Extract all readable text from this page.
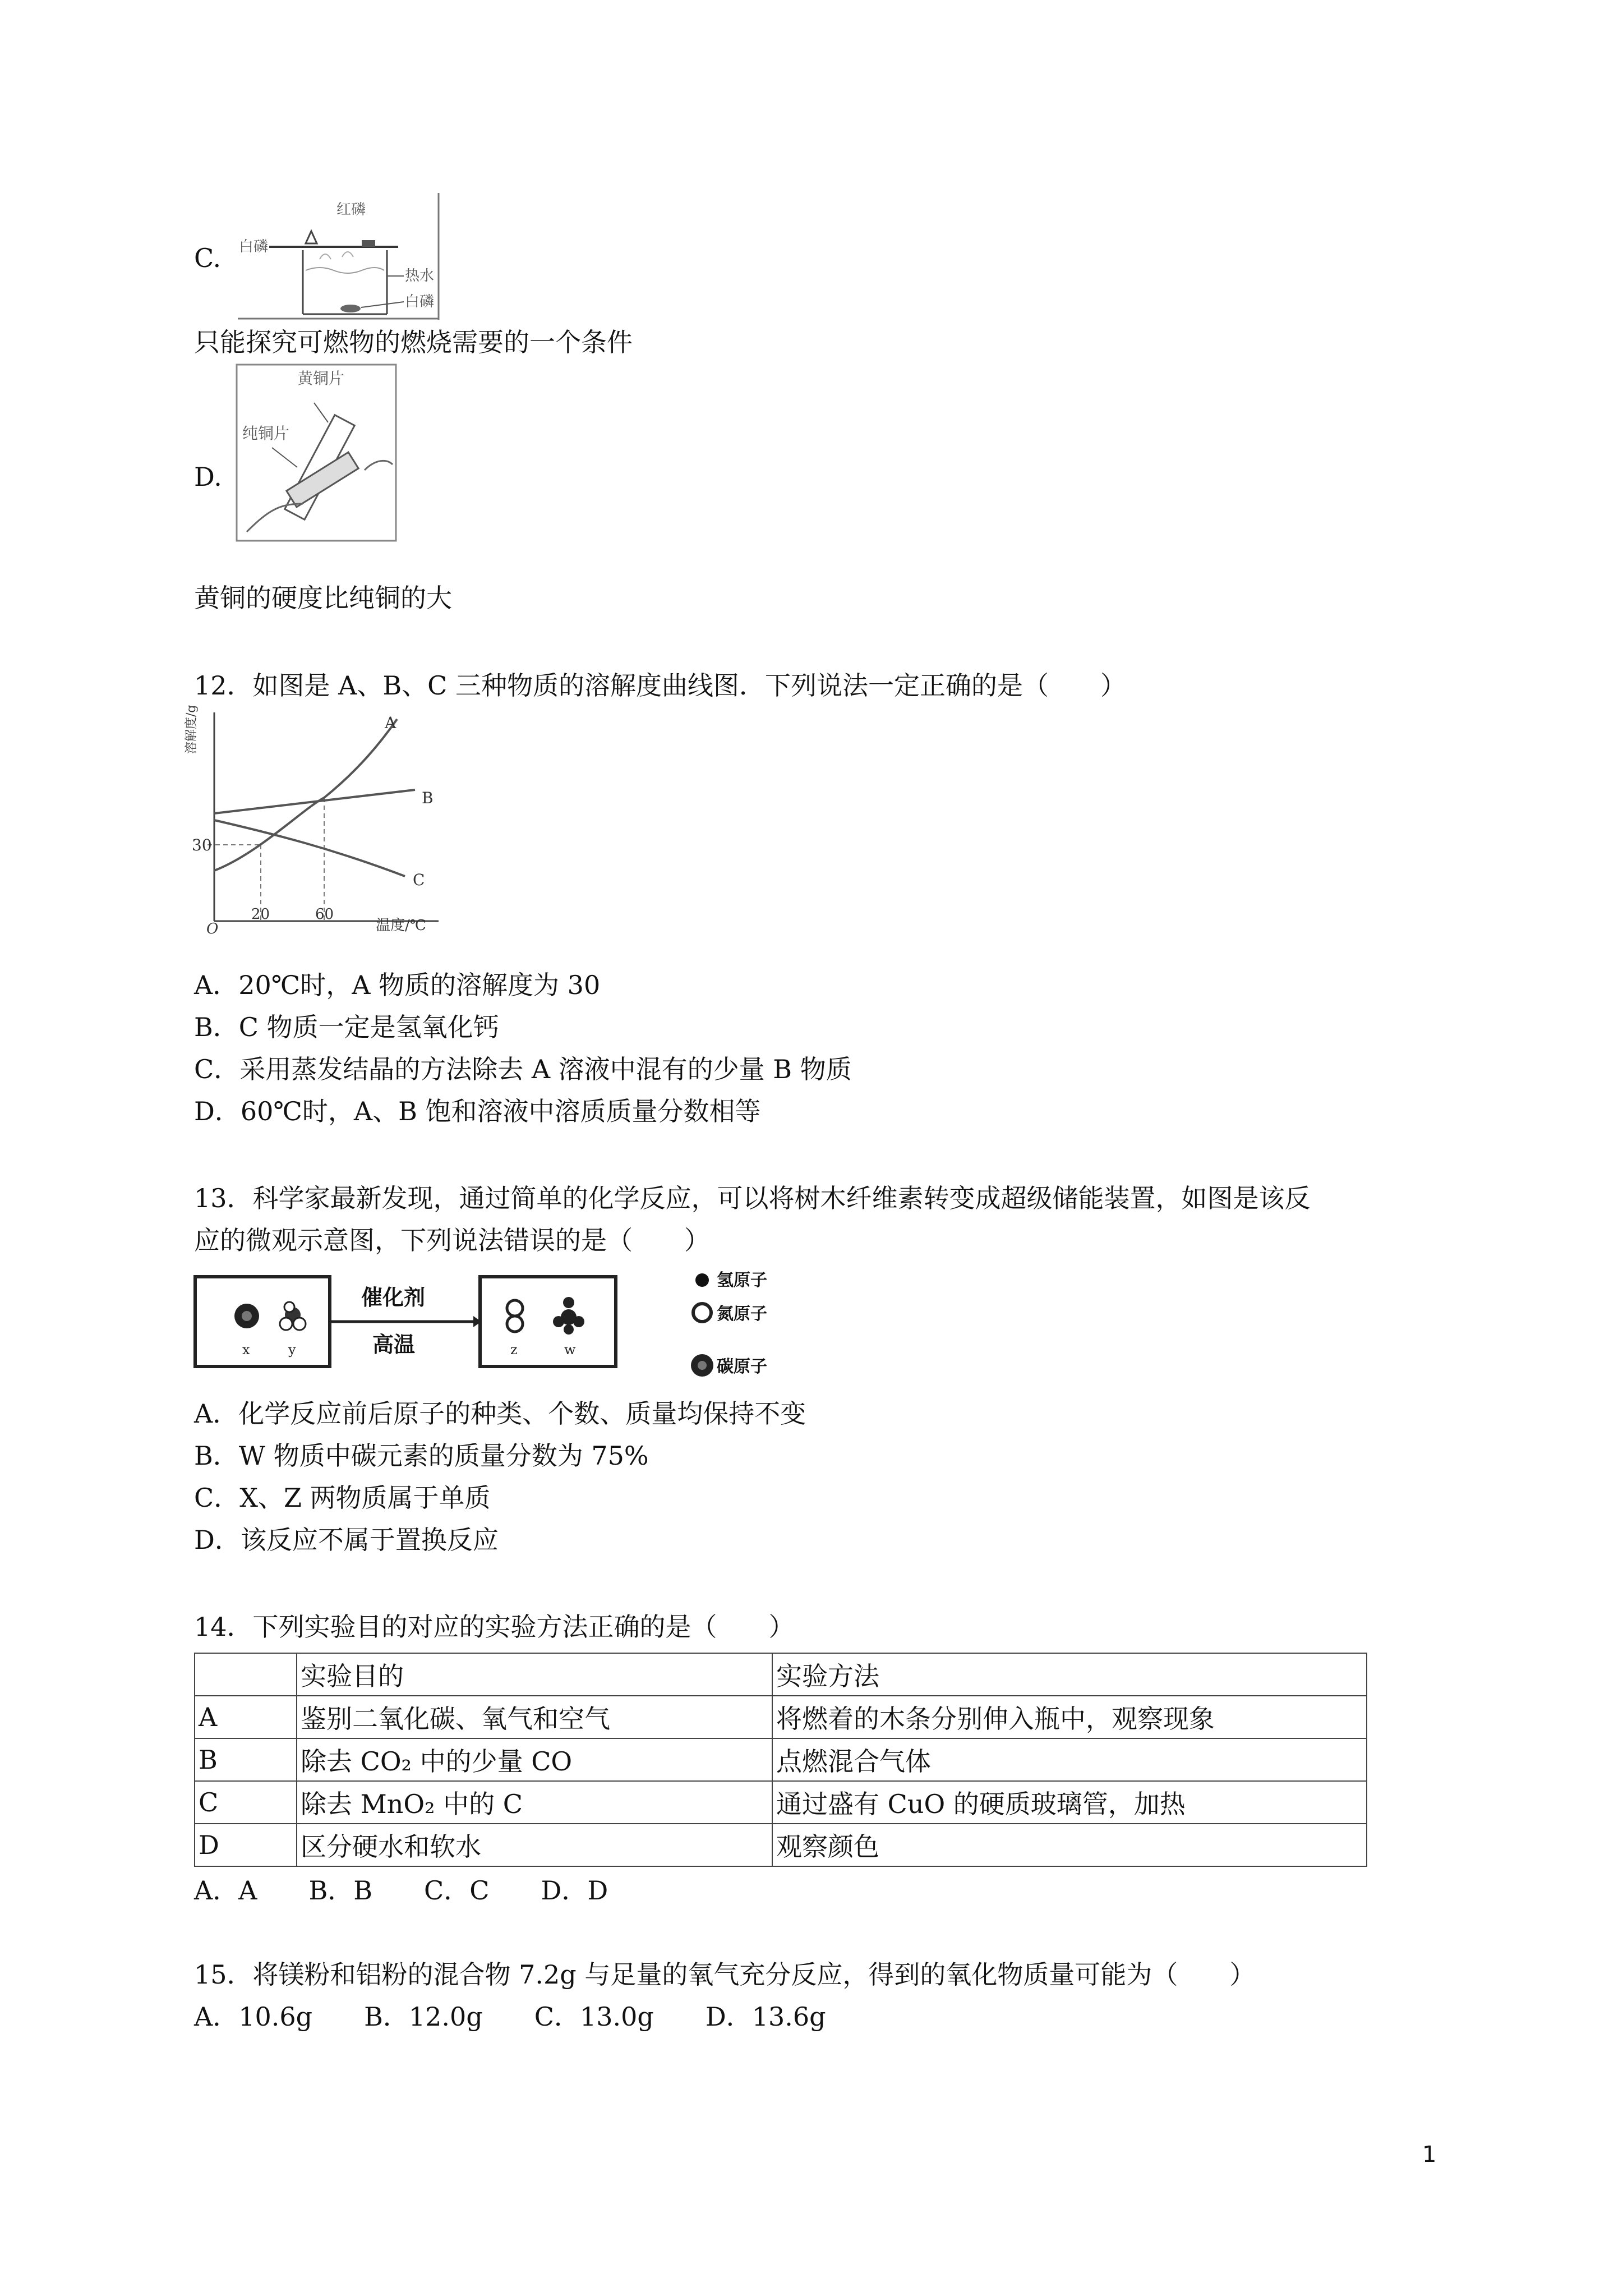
C.
红磷
白磷
热水
白磷
只能探究可燃物的燃烧需要的一个条件
D.
黄铜片
纯铜片
黄铜的硬度比纯铜的大
12．如图是 A、B、C 三种物质的溶解度曲线图．下列说法一定正确的是（　　）
溶解度/g
30
O
20	60
温度/℃
A
B
C
A．20℃时，A 物质的溶解度为 30
B．C 物质一定是氢氧化钙
C．采用蒸发结晶的方法除去 A 溶液中混有的少量 B 物质
D．60℃时，A、B 饱和溶液中溶质质量分数相等
13．科学家最新发现，通过简单的化学反应，可以将树木纤维素转变成超级储能装置，如图是该反
应的微观示意图，下列说法错误的是（　　）
催化剂
高温
x	y	z	w
氢原子
氮原子
碳原子
A．化学反应前后原子的种类、个数、质量均保持不变
B．W 物质中碳元素的质量分数为 75%
C．X、Z 两物质属于单质
D．该反应不属于置换反应
14．下列实验目的对应的实验方法正确的是（　　）
	实验目的	实验方法
A	鉴别二氧化碳、氧气和空气	将燃着的木条分别伸入瓶中，观察现象
B	除去 CO₂ 中的少量 CO	点燃混合气体
C	除去 MnO₂ 中的 C	通过盛有 CuO 的硬质玻璃管，加热
D	区分硬水和软水	观察颜色
A．A　　B．B　　C．C　　D．D
15．将镁粉和铝粉的混合物 7.2g 与足量的氧气充分反应，得到的氧化物质量可能为（　　）
A．10.6g　　B．12.0g　　C．13.0g　　D．13.6g
1
